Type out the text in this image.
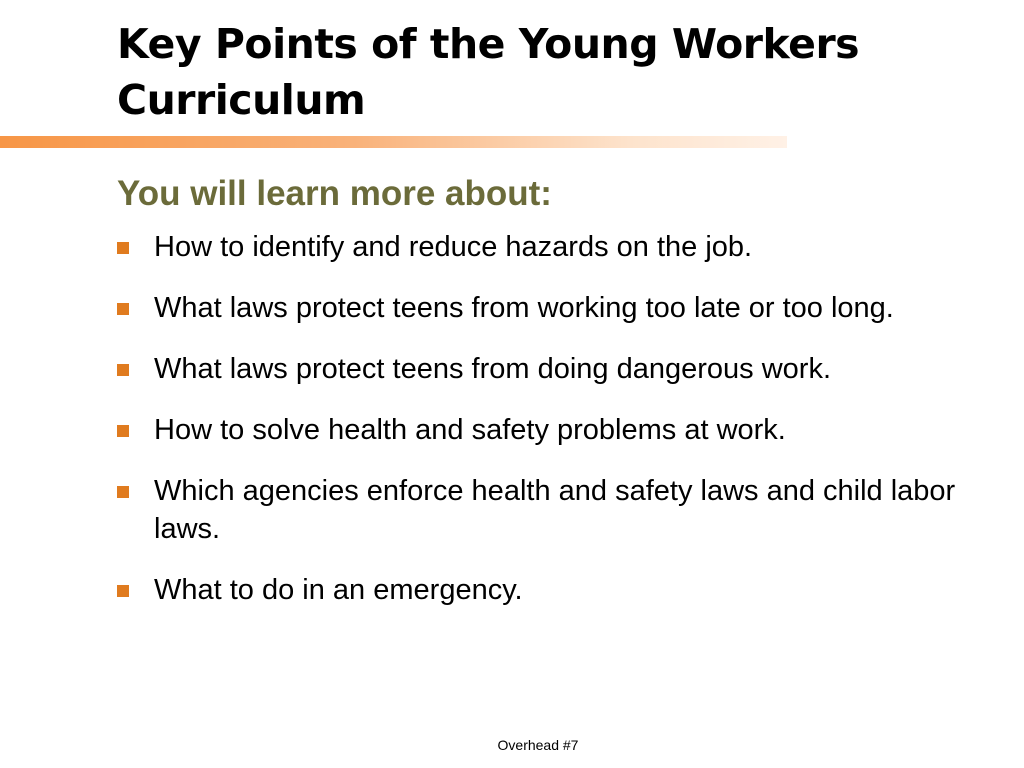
Key Points of the Young Workers Curriculum
You will learn more about:
How to identify and reduce hazards on the job.
What laws protect teens from working too late or too long.
What laws protect teens from doing dangerous work.
How to solve health and safety problems at work.
Which agencies enforce health and safety laws and child labor laws.
What to do in an emergency.
Overhead #7
